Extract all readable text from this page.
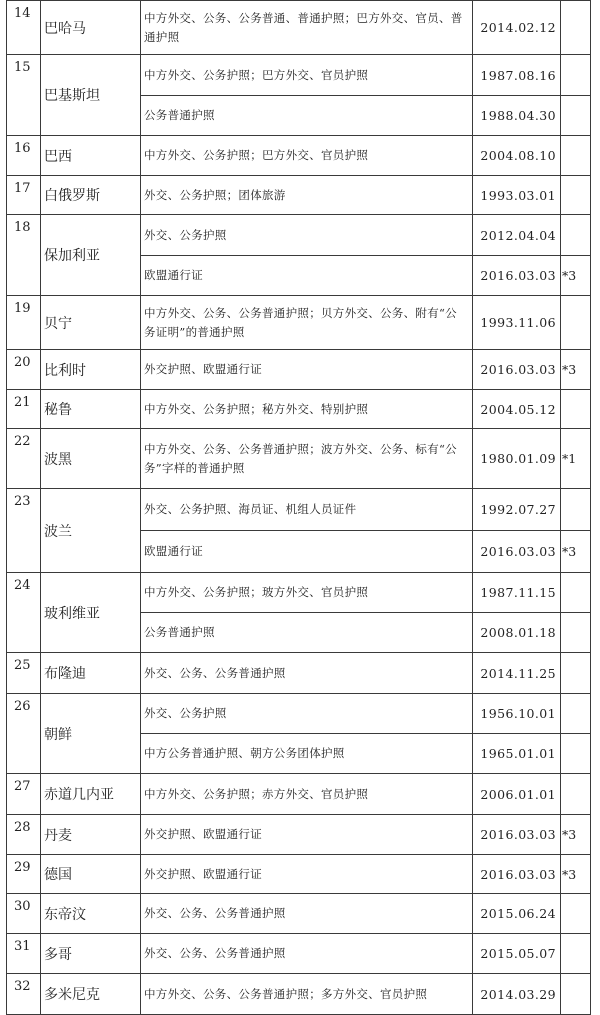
14	巴哈马	中方外交、公务、公务普通、普通护照；巴方外交、官员、普通护照	2014.02.12	

15	巴基斯坦	中方外交、公务护照；巴方外交、官员护照	1987.08.16	
		公务普通护照	1988.04.30	

16	巴西	中方外交、公务护照；巴方外交、官员护照	2004.08.10	

17	白俄罗斯	外交、公务护照；团体旅游	1993.03.01	

18	保加利亚	外交、公务护照	2012.04.04	
		欧盟通行证	2016.03.03	*3

19	贝宁	中方外交、公务、公务普通护照；贝方外交、公务、附有“公务证明”的普通护照	1993.11.06	

20	比利时	外交护照、欧盟通行证	2016.03.03	*3

21	秘鲁	中方外交、公务护照；秘方外交、特别护照	2004.05.12	

22	波黑	中方外交、公务、公务普通护照；波方外交、公务、标有“公务”字样的普通护照	1980.01.09	*1

23	波兰	外交、公务护照、海员证、机组人员证件	1992.07.27	
		欧盟通行证	2016.03.03	*3

24	玻利维亚	中方外交、公务护照；玻方外交、官员护照	1987.11.15	
		公务普通护照	2008.01.18	

25	布隆迪	外交、公务、公务普通护照	2014.11.25	

26	朝鲜	外交、公务护照	1956.10.01	
		中方公务普通护照、朝方公务团体护照	1965.01.01	

27	赤道几内亚	中方外交、公务护照；赤方外交、官员护照	2006.01.01	

28	丹麦	外交护照、欧盟通行证	2016.03.03	*3

29	德国	外交护照、欧盟通行证	2016.03.03	*3

30	东帝汶	外交、公务、公务普通护照	2015.06.24	

31	多哥	外交、公务、公务普通护照	2015.05.07	

32	多米尼克	中方外交、公务、公务普通护照；多方外交、官员护照	2014.03.29	
